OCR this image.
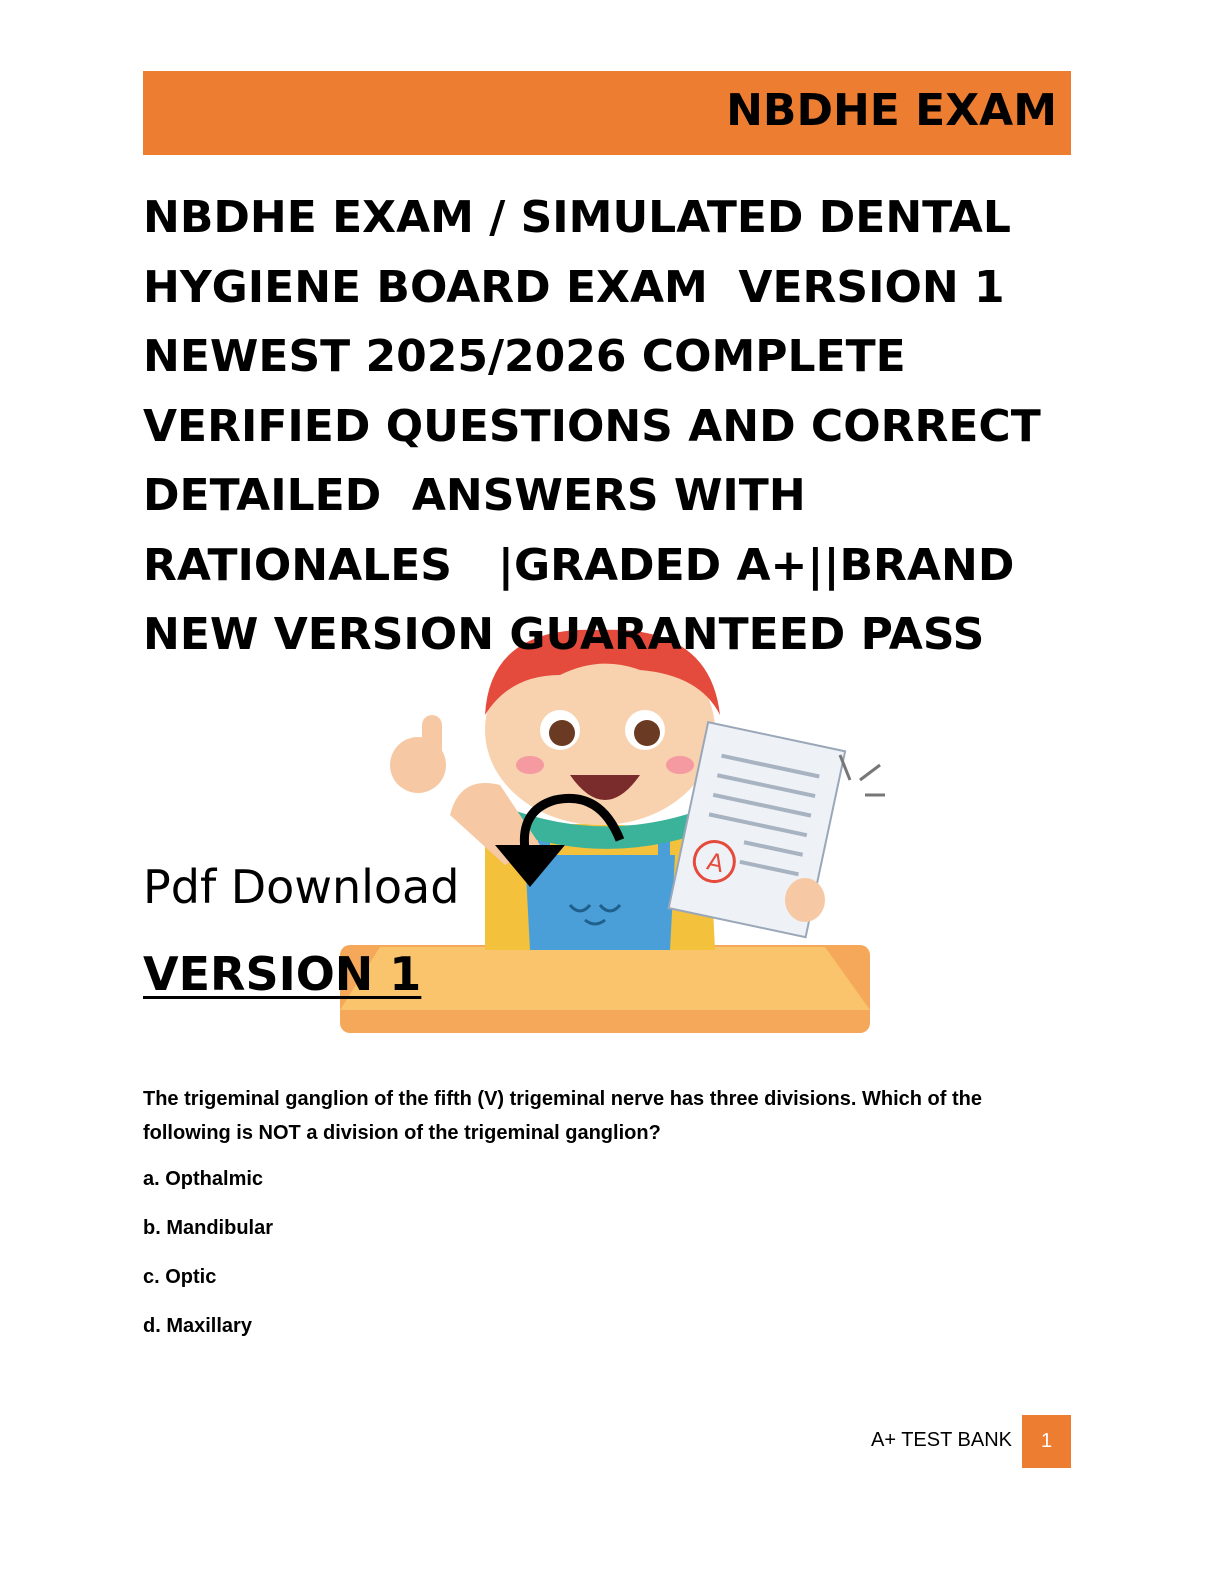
NBDHE EXAM

NBDHE EXAM / SIMULATED DENTAL
HYGIENE BOARD EXAM  VERSION 1
NEWEST 2025/2026 COMPLETE
VERIFIED QUESTIONS AND CORRECT
DETAILED  ANSWERS WITH
RATIONALES   |GRADED A+||BRAND
NEW VERSION GUARANTEED PASS

A
Pdf Download
VERSION 1

The trigeminal ganglion of the fifth (V) trigeminal nerve has three divisions. Which of the following is NOT a division of the trigeminal ganglion?

a. Opthalmic
b. Mandibular
c. Optic
d. Maxillary
A+ TEST BANK 1
